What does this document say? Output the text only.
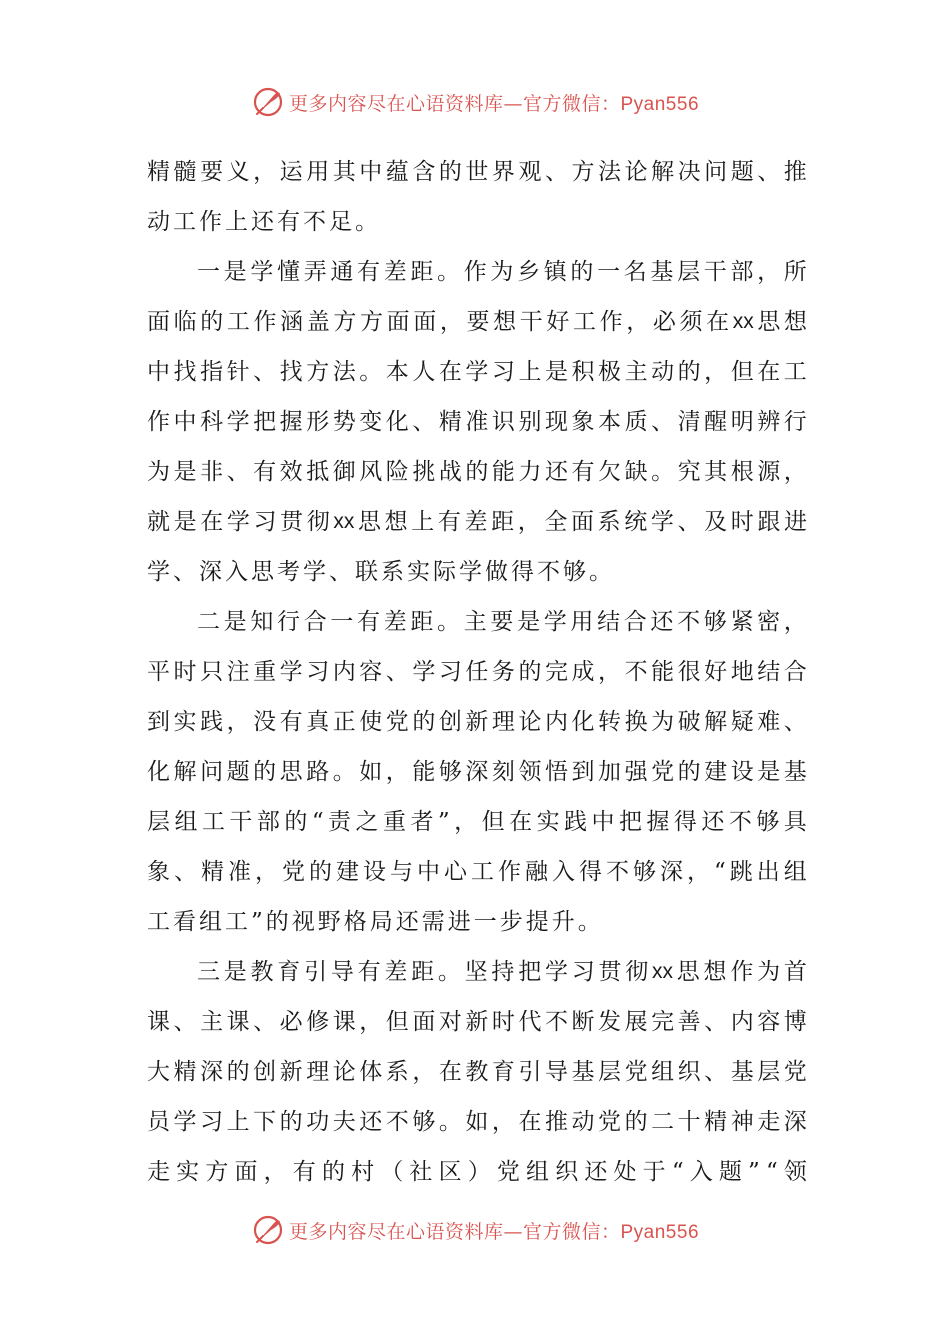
更多内容尽在心语资料库—官方微信：Pyan556
精 髓 要 义 ， 运 用 其 中 蕴 含 的 世 界 观 、 方 法 论 解 决 问 题 、 推
动 工 作 上 还 有 不 足 。
一 是 学 懂 弄 通 有 差 距 。 作 为 乡 镇 的 一 名 基 层 干 部 ， 所
面 临 的 工 作 涵 盖 方 方 面 面 ， 要 想 干 好 工 作 ， 必 须 在 xx 思 想
中 找 指 针 、 找 方 法 。 本 人 在 学 习 上 是 积 极 主 动 的 ， 但 在 工
作 中 科 学 把 握 形 势 变 化 、 精 准 识 别 现 象 本 质 、 清 醒 明 辨 行
为 是 非 、 有 效 抵 御 风 险 挑 战 的 能 力 还 有 欠 缺 。 究 其 根 源 ，
就 是 在 学 习 贯 彻 xx 思 想 上 有 差 距 ， 全 面 系 统 学 、 及 时 跟 进
学 、 深 入 思 考 学 、 联 系 实 际 学 做 得 不 够 。
二 是 知 行 合 一 有 差 距 。 主 要 是 学 用 结 合 还 不 够 紧 密 ，
平 时 只 注 重 学 习 内 容 、 学 习 任 务 的 完 成 ， 不 能 很 好 地 结 合
到 实 践 ， 没 有 真 正 使 党 的 创 新 理 论 内 化 转 换 为 破 解 疑 难 、
化 解 问 题 的 思 路 。 如 ， 能 够 深 刻 领 悟 到 加 强 党 的 建 设 是 基
层 组 工 干 部 的 “ 责 之 重 者 ” ， 但 在 实 践 中 把 握 得 还 不 够 具
象 、 精 准 ， 党 的 建 设 与 中 心 工 作 融 入 得 不 够 深 ， “ 跳 出 组
工 看 组 工 ” 的 视 野 格 局 还 需 进 一 步 提 升 。
三 是 教 育 引 导 有 差 距 。 坚 持 把 学 习 贯 彻 xx 思 想 作 为 首
课 、 主 课 、 必 修 课 ， 但 面 对 新 时 代 不 断 发 展 完 善 、 内 容 博
大 精 深 的 创 新 理 论 体 系 ， 在 教 育 引 导 基 层 党 组 织 、 基 层 党
员 学 习 上 下 的 功 夫 还 不 够 。 如 ， 在 推 动 党 的 二 十 精 神 走 深
走 实 方 面 ， 有 的 村 （ 社 区 ） 党 组 织 还 处 于 “ 入 题 ” “ 领
更多内容尽在心语资料库—官方微信：Pyan556
